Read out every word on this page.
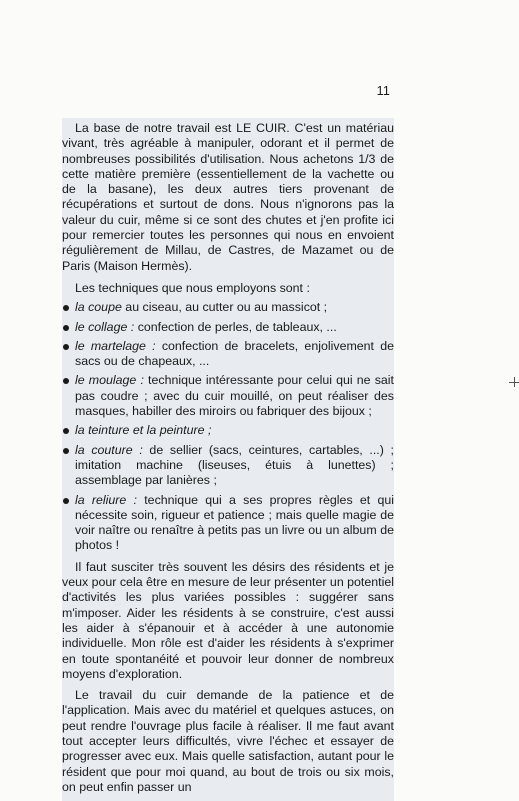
11

La base de notre travail est LE CUIR. C'est un matériau vivant, très agréable à manipuler, odorant et il permet de nombreuses possibilités d'utilisation. Nous achetons 1/3 de cette matière première (essentiellement de la vachette ou de la basane), les deux autres tiers provenant de récupérations et surtout de dons. Nous n'ignorons pas la valeur du cuir, même si ce sont des chutes et j'en profite ici pour remercier toutes les personnes qui nous en envoient régulièrement de Millau, de Castres, de Mazamet ou de Paris (Maison Hermès).

Les techniques que nous employons sont :

la coupe au ciseau, au cutter ou au massicot ;
le collage : confection de perles, de tableaux, ...
le martelage : confection de bracelets, enjolivement de sacs ou de chapeaux, ...
le moulage : technique intéressante pour celui qui ne sait pas coudre ; avec du cuir mouillé, on peut réaliser des masques, habiller des miroirs ou fabriquer des bijoux ;
la teinture et la peinture ;
la couture : de sellier (sacs, ceintures, cartables, ...) ; imitation machine (liseuses, étuis à lunettes) ; assemblage par lanières ;
la reliure : technique qui a ses propres règles et qui nécessite soin, rigueur et patience ; mais quelle magie de voir naître ou renaître à petits pas un livre ou un album de photos !

Il faut susciter très souvent les désirs des résidents et je veux pour cela être en mesure de leur présenter un potentiel d'activités les plus variées possibles : suggérer sans m'imposer. Aider les résidents à se construire, c'est aussi les aider à s'épanouir et à accéder à une autonomie individuelle. Mon rôle est d'aider les résidents à s'exprimer en toute spontanéité et pouvoir leur donner de nombreux moyens d'exploration.

Le travail du cuir demande de la patience et de l'application. Mais avec du matériel et quelques astuces, on peut rendre l'ouvrage plus facile à réaliser. Il me faut avant tout accepter leurs difficultés, vivre l'échec et essayer de progresser avec eux. Mais quelle satisfaction, autant pour le résident que pour moi quand, au bout de trois ou six mois, on peut enfin passer un
